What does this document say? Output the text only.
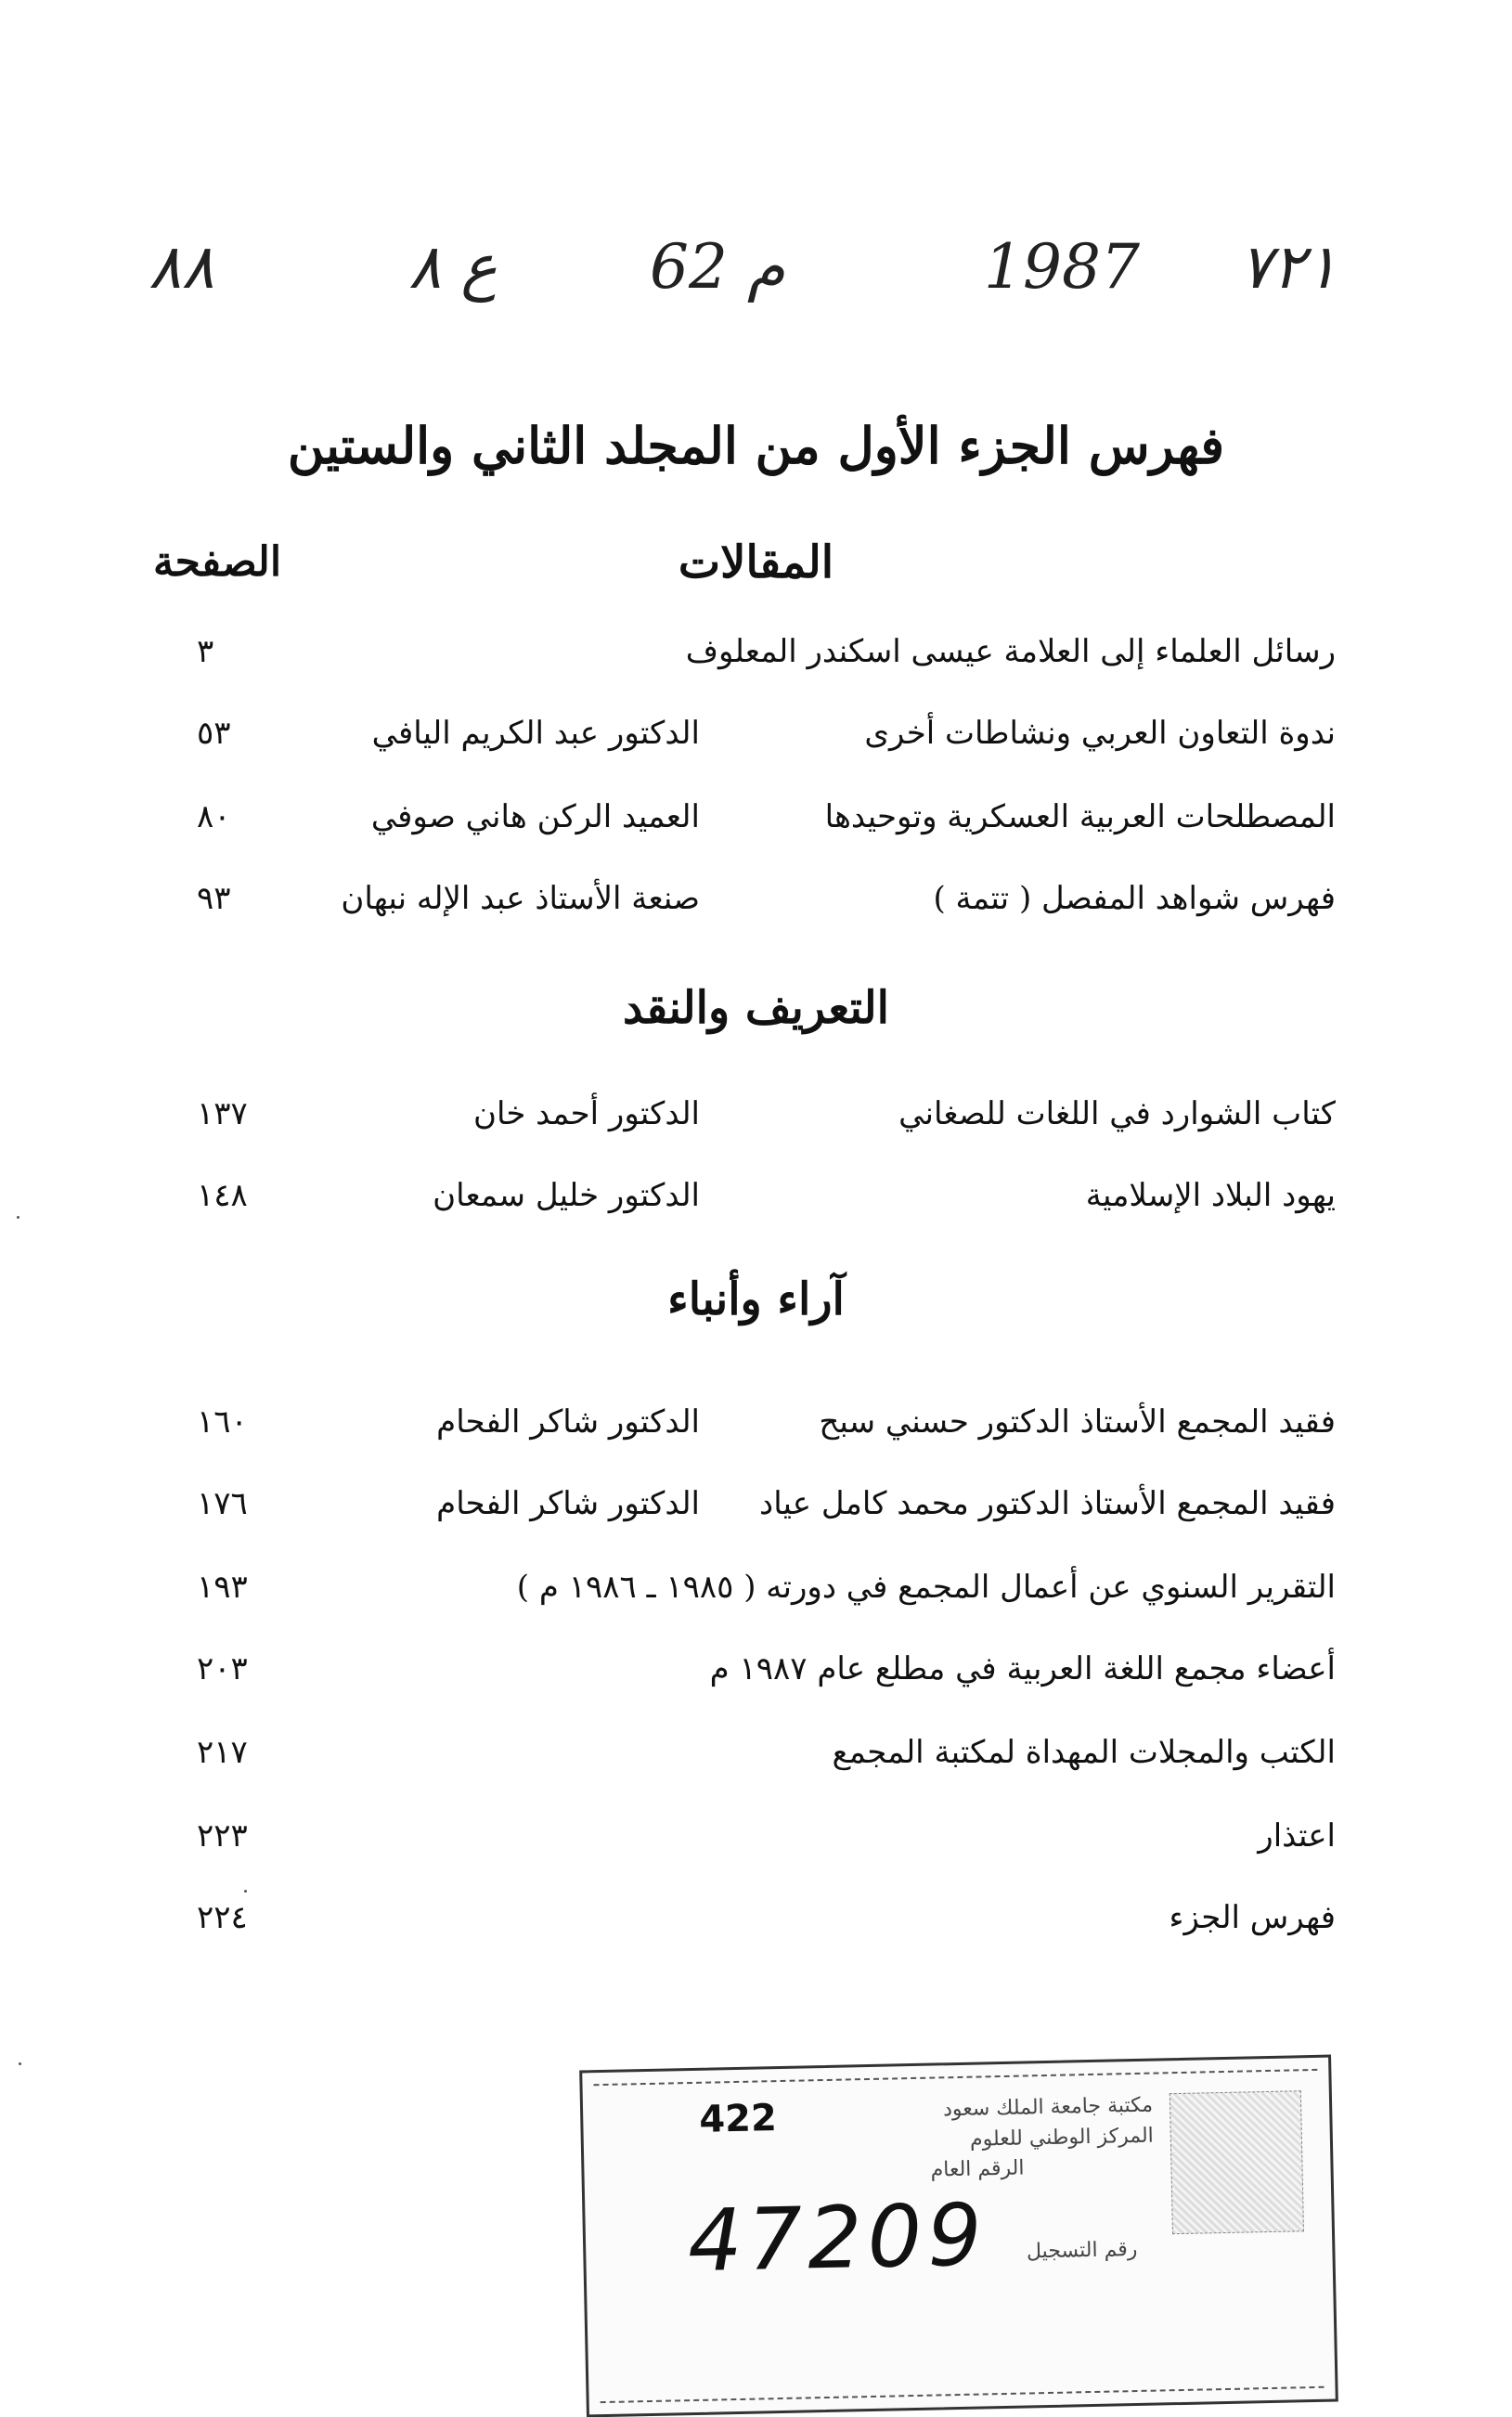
٧٢١
1987
م 62
ع ٨
٨٨
فهرس الجزء الأول من المجلد الثاني والستين
الصفحة	المقالات
رسائل العلماء إلى العلامة عيسى اسكندر المعلوف
٣
ندوة التعاون العربي ونشاطات أخرى
الدكتور عبد الكريم اليافي
٥٣
المصطلحات العربية العسكرية وتوحيدها
العميد الركن هاني صوفي
٨٠
فهرس شواهد المفصل ( تتمة )
صنعة الأستاذ عبد الإله نبهان
٩٣
التعريف والنقد
كتاب الشوارد في اللغات للصغاني
الدكتور أحمد خان
١٣٧
يهود البلاد الإسلامية
الدكتور خليل سمعان
١٤٨
آراء وأنباء
فقيد المجمع الأستاذ الدكتور حسني سبح
الدكتور شاكر الفحام
١٦٠
فقيد المجمع الأستاذ الدكتور محمد كامل عياد
الدكتور شاكر الفحام
١٧٦
التقرير السنوي عن أعمال المجمع في دورته ( ١٩٨٥ ـ ١٩٨٦ م )
١٩٣
أعضاء مجمع اللغة العربية في مطلع عام ١٩٨٧ م
٢٠٣
الكتب والمجلات المهداة لمكتبة المجمع
٢١٧
اعتذار
٢٢٣
فهرس الجزء
٢٢٤
مكتبة جامعة الملك سعود
المركز الوطني للعلوم
الرقم العام
رقم التسجيل
422
47209
